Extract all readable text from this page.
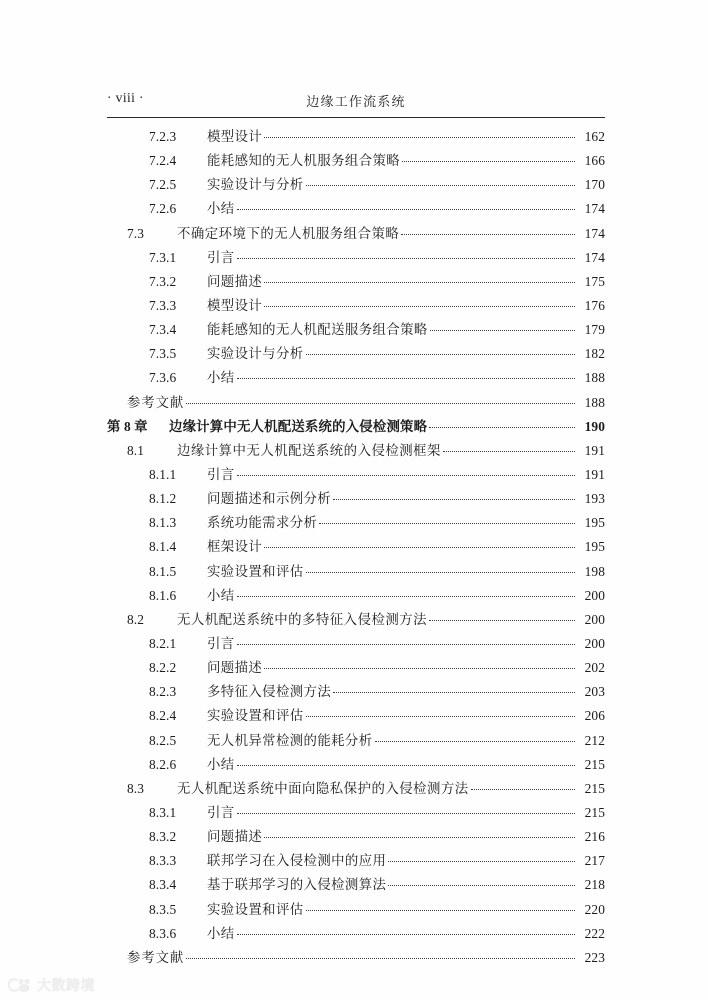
· viii ·	边缘工作流系统
7.2.3	模型设计	162
7.2.4	能耗感知的无人机服务组合策略	166
7.2.5	实验设计与分析	170
7.2.6	小结	174
7.3	不确定环境下的无人机服务组合策略	174
7.3.1	引言	174
7.3.2	问题描述	175
7.3.3	模型设计	176
7.3.4	能耗感知的无人机配送服务组合策略	179
7.3.5	实验设计与分析	182
7.3.6	小结	188
参考文献	188
第 8 章	边缘计算中无人机配送系统的入侵检测策略	190
8.1	边缘计算中无人机配送系统的入侵检测框架	191
8.1.1	引言	191
8.1.2	问题描述和示例分析	193
8.1.3	系统功能需求分析	195
8.1.4	框架设计	195
8.1.5	实验设置和评估	198
8.1.6	小结	200
8.2	无人机配送系统中的多特征入侵检测方法	200
8.2.1	引言	200
8.2.2	问题描述	202
8.2.3	多特征入侵检测方法	203
8.2.4	实验设置和评估	206
8.2.5	无人机异常检测的能耗分析	212
8.2.6	小结	215
8.3	无人机配送系统中面向隐私保护的入侵检测方法	215
8.3.1	引言	215
8.3.2	问题描述	216
8.3.3	联邦学习在入侵检测中的应用	217
8.3.4	基于联邦学习的入侵检测算法	218
8.3.5	实验设置和评估	220
8.3.6	小结	222
参考文献	223
大数跨境
